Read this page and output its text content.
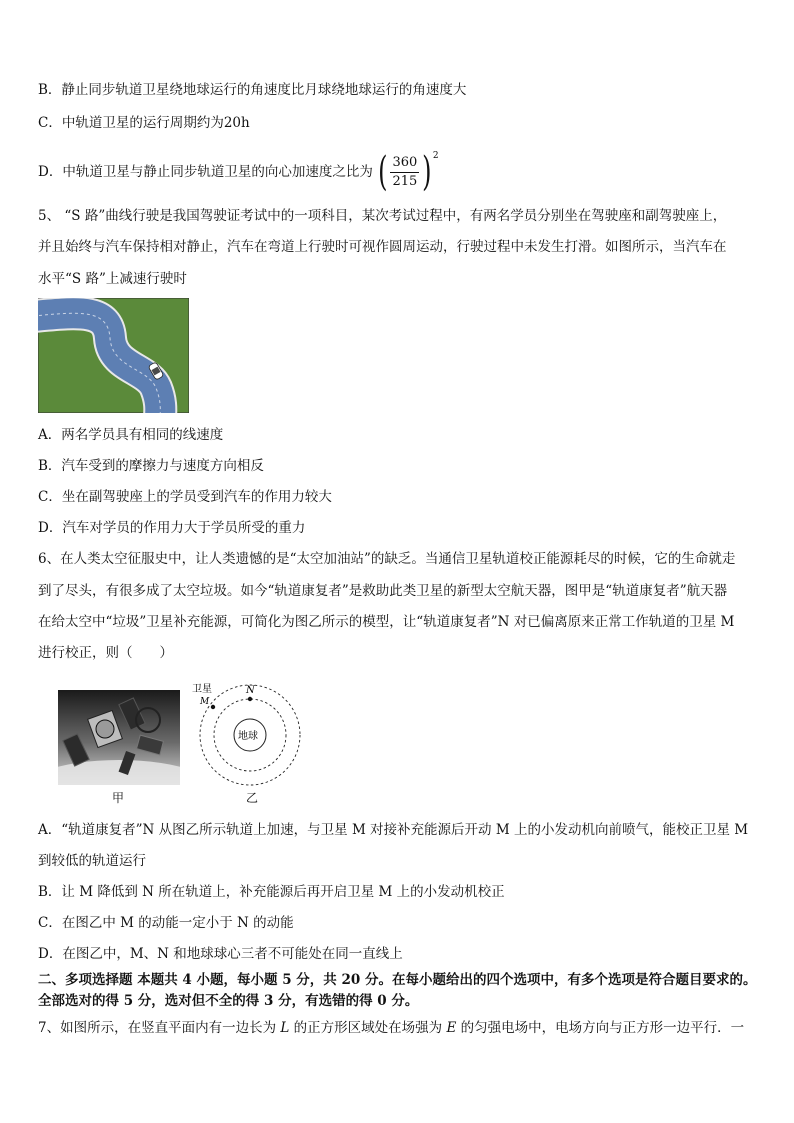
B．静止同步轨道卫星绕地球运行的角速度比月球绕地球运行的角速度大
C．中轨道卫星的运行周期约为20h
D．中轨道卫星与静止同步轨道卫星的向心加速度之比为 ( $\frac{360}{215}$ ) 2
5、 “S 路”曲线行驶是我国驾驶证考试中的一项科目，某次考试过程中，有两名学员分别坐在驾驶座和副驾驶座上，
并且始终与汽车保持相对静止，汽车在弯道上行驶时可视作圆周运动，行驶过程中未发生打滑。如图所示，当汽车在
水平“S 路”上减速行驶时
A．两名学员具有相同的线速度
B．汽车受到的摩擦力与速度方向相反
C．坐在副驾驶座上的学员受到汽车的作用力较大
D．汽车对学员的作用力大于学员所受的重力
6、在人类太空征服史中，让人类遗憾的是“太空加油站”的缺乏。当通信卫星轨道校正能源耗尽的时候，它的生命就走
到了尽头，有很多成了太空垃圾。如今“轨道康复者”是救助此类卫星的新型太空航天器，图甲是“轨道康复者”航天器
在给太空中“垃圾”卫星补充能源，可简化为图乙所示的模型，让“轨道康复者”N 对已偏离原来正常工作轨道的卫星 M
进行校正，则（　　）
甲
卫星
M
N
地球
乙
A．“轨道康复者”N 从图乙所示轨道上加速，与卫星 M 对接补充能源后开动 M 上的小发动机向前喷气，能校正卫星 M
到较低的轨道运行
B．让 M 降低到 N 所在轨道上，补充能源后再开启卫星 M 上的小发动机校正
C．在图乙中 M 的动能一定小于 N 的动能
D．在图乙中，M、N 和地球球心三者不可能处在同一直线上
二、多项选择题 本题共 4 小题，每小题 5 分，共 20 分。在每小题给出的四个选项中，有多个选项是符合题目要求的。
全部选对的得 5 分，选对但不全的得 3 分，有选错的得 0 分。
7、如图所示，在竖直平面内有一边长为 L 的正方形区域处在场强为 E 的匀强电场中，电场方向与正方形一边平行．一
